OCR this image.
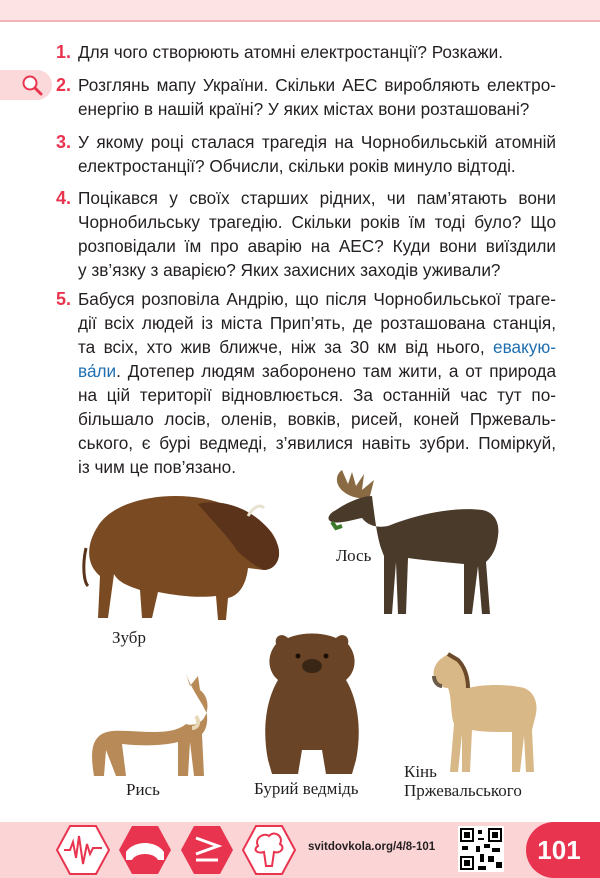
1. Для чого створюють атомні електростанції? Розкажи.
2. Розглянь мапу України. Скільки АЕС виробляють електро-
енергію в нашій країні? У яких містах вони розташовані?
3. У якому році сталася трагедія на Чорнобильській атомній
електростанції? Обчисли, скільки років минуло відтоді.
4. Поцікався у своїх старших рідних, чи пам’ятають вони
Чорнобильську трагедію. Скільки років їм тоді було? Що
розповідали їм про аварію на АЕС? Куди вони виїздили
у зв’язку з аварією? Яких захисних заходів уживали?
5. Бабуся розповіла Андрію, що після Чорнобильської траге-
дії всіх людей із міста Прип’ять, де розташована станція,
та всіх, хто жив ближче, ніж за 30 км від нього, евакую-
ва́ли. Дотепер людям заборонено там жити, а от природа
на цій території відновлюється. За останній час тут по-
більшало лосів, оленів, вовків, рисей, коней Пржеваль-
ського, є бурі ведмеді, з’явилися навіть зубри. Поміркуй,
із чим це пов’язано.
Зубр
Лось
Бурий ведмідь
Рись
Кінь
Пржевальського
svitdovkola.org/4/8-101	101
